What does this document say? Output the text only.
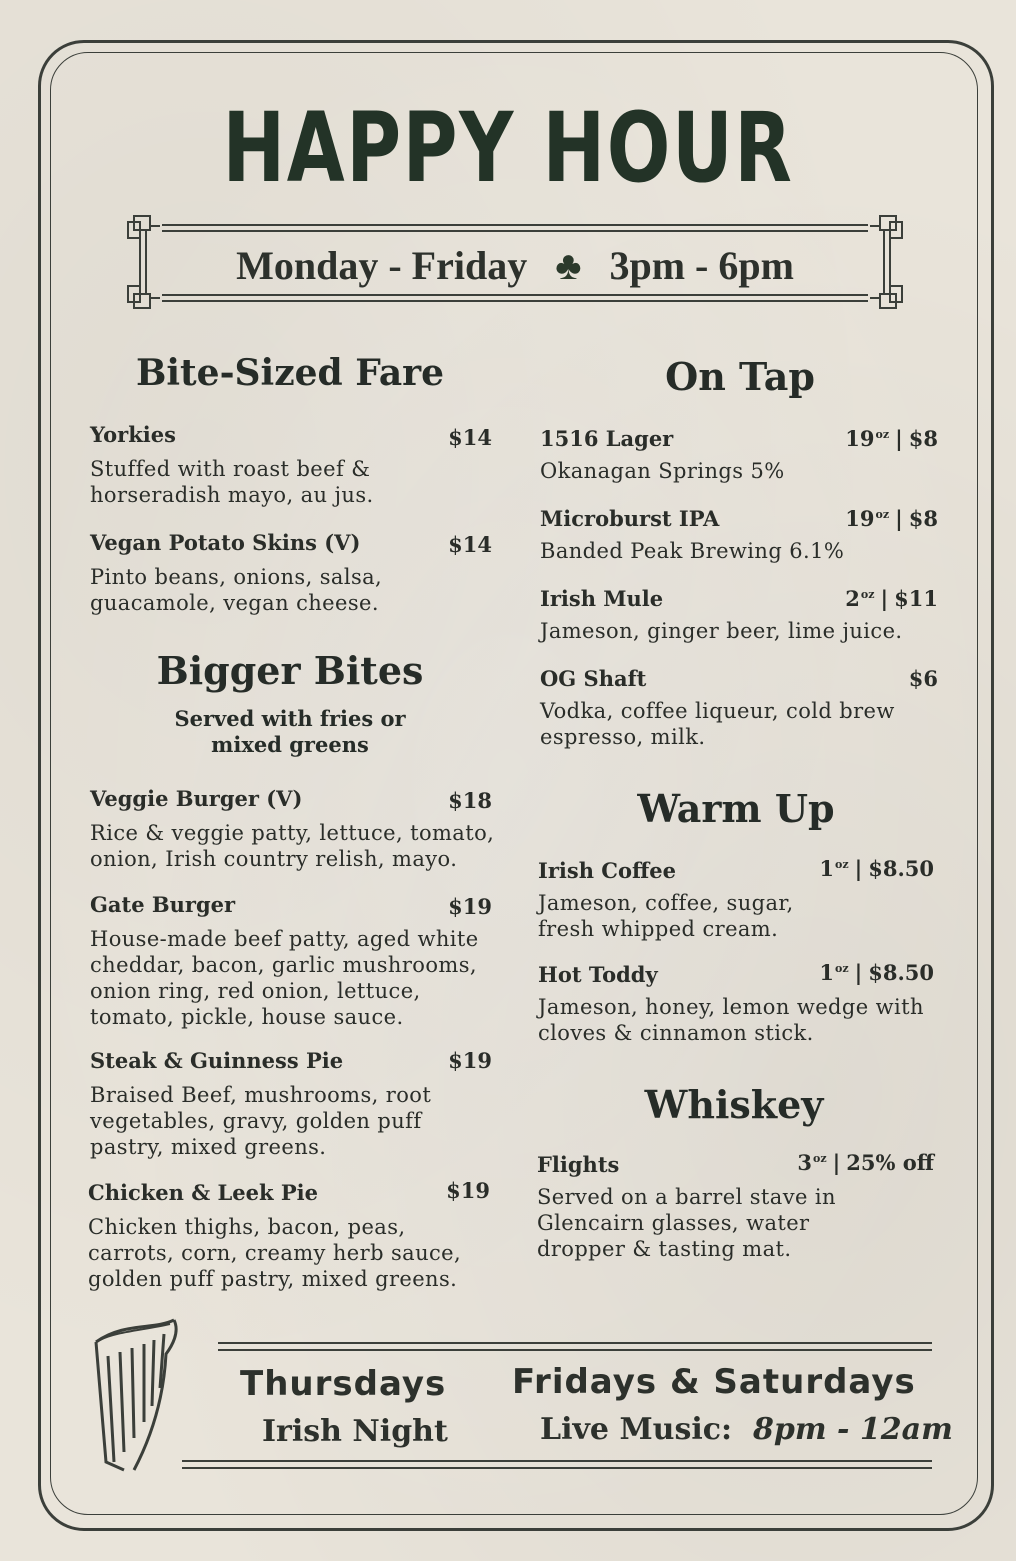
HAPPY HOUR
Monday - Friday ♣ 3pm - 6pm
Bite-Sized Fare
Yorkies	$14
Stuffed with roast beef &
horseradish mayo, au jus.
Vegan Potato Skins (V)	$14
Pinto beans, onions, salsa,
guacamole, vegan cheese.
Bigger Bites
Served with fries or
mixed greens
Veggie Burger (V)	$18
Rice & veggie patty, lettuce, tomato,
onion, Irish country relish, mayo.
Gate Burger	$19
House-made beef patty, aged white
cheddar, bacon, garlic mushrooms,
onion ring, red onion, lettuce,
tomato, pickle, house sauce.
Steak & Guinness Pie	$19
Braised Beef, mushrooms, root
vegetables, gravy, golden puff
pastry, mixed greens.
Chicken & Leek Pie	$19
Chicken thighs, bacon, peas,
carrots, corn, creamy herb sauce,
golden puff pastry, mixed greens.
On Tap
1516 Lager	$19^{oz}$ | $8
Okanagan Springs 5%
Microburst IPA	$19^{oz}$ | $8
Banded Peak Brewing 6.1%
Irish Mule	$2^{oz}$ | $11
Jameson, ginger beer, lime juice.
OG Shaft	$6
Vodka, coffee liqueur, cold brew
espresso, milk.
Warm Up
Irish Coffee	$1^{oz}$ | $8.50
Jameson, coffee, sugar,
fresh whipped cream.
Hot Toddy	$1^{oz}$ | $8.50
Jameson, honey, lemon wedge with
cloves & cinnamon stick.
Whiskey
Flights	$3^{oz}$ | 25% off
Served on a barrel stave in
Glencairn glasses, water
dropper & tasting mat.
Thursdays
Irish Night
Fridays & Saturdays
Live Music: 8pm - 12am
